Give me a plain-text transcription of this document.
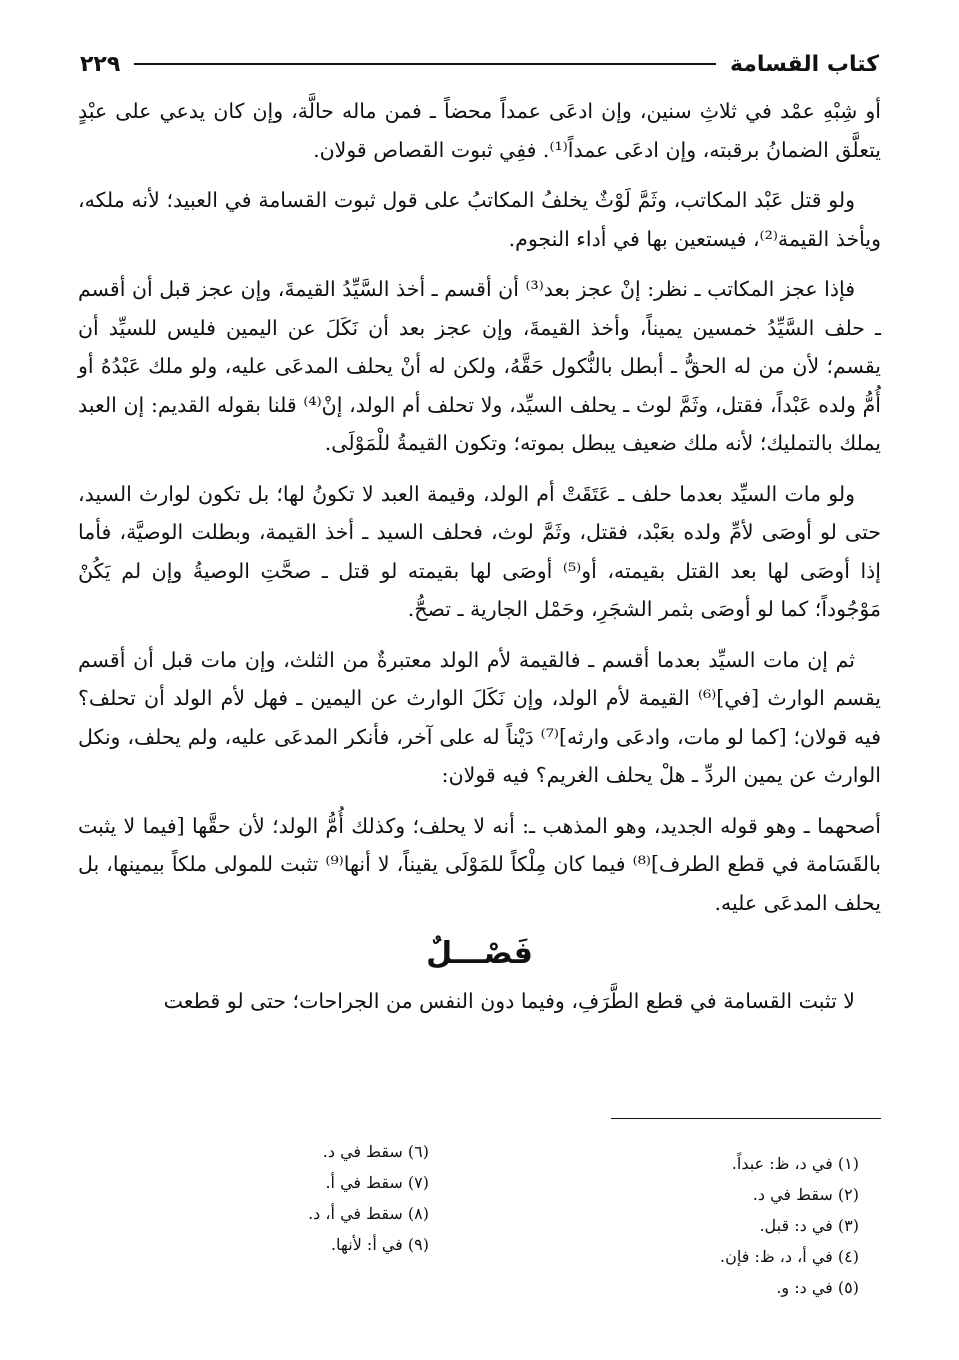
كتاب القسامة
٢٢٩

أو شِبْهِ عمْد في ثلاثِ سنين، وإن ادعَى عمداً محضاً ـ فمن ماله حالَّة، وإن كان يدعي على عبْدٍ يتعلَّق الضمانُ برقبته، وإن ادعَى عمداً⁽¹⁾. ففِي ثبوت القصاص قولان.

ولو قتل عَبْد المكاتب، وثَمَّ لَوْثٌ يخلفُ المكاتبُ على قول ثبوت القسامة في العبيد؛ لأنه ملكه، ويأخذ القيمة⁽²⁾، فيستعين بها في أداء النجوم.

فإذا عجز المكاتب ـ نظر: إنْ عجز بعد⁽³⁾ أن أقسم ـ أخذ السَّيِّدُ القيمةَ، وإن عجز قبل أن أقسم ـ حلف السَّيِّدُ خمسين يميناً، وأخذ القيمةَ، وإن عجز بعد أن نَكَلَ عن اليمين فليس للسيِّد أن يقسم؛ لأن من له الحقُّ ـ أبطل بالنُّكول حَقَّهُ، ولكن له أنْ يحلف المدعَى عليه، ولو ملك عَبْدُهُ أو أُمُّ ولده عَبْداً، فقتل، وثَمَّ لوث ـ يحلف السيِّد، ولا تحلف أم الولد، إنْ⁽⁴⁾ قلنا بقوله القديم: إن العبد يملك بالتمليك؛ لأنه ملك ضعيف يبطل بموته؛ وتكون القيمةُ للْمَوْلَى.

ولو مات السيِّد بعدما حلف ـ عَتَقَتْ أم الولد، وقيمة العبد لا تكونُ لها؛ بل تكون لوارث السيد، حتى لو أوصَى لأمِّ ولده بعَبْد، فقتل، وثَمَّ لوث، فحلف السيد ـ أخذ القيمة، وبطلت الوصيَّة، فأما إذا أوصَى لها بعد القتل بقيمته، أو⁽⁵⁾ أوصَى لها بقيمته لو قتل ـ صحَّتِ الوصيةُ وإن لم يَكُنْ مَوْجُوداً؛ كما لو أوصَى بثمر الشجَرِ، وحَمْل الجارية ـ تصحُّ.

ثم إن مات السيِّد بعدما أقسم ـ فالقيمة لأم الولد معتبرةٌ من الثلث، وإن مات قبل أن أقسم يقسم الوارث [في]⁽⁶⁾ القيمة لأم الولد، وإن نَكَلَ الوارث عن اليمين ـ فهل لأم الولد أن تحلف؟ فيه قولان؛ [كما لو مات، وادعَى وارثه]⁽⁷⁾ دَيْناً له على آخر، فأنكر المدعَى عليه، ولم يحلف، ونكل الوارث عن يمين الردِّ ـ هلْ يحلف الغريم؟ فيه قولان:

أصحهما ـ وهو قوله الجديد، وهو المذهب ـ: أنه لا يحلف؛ وكذلك أُمُّ الولد؛ لأن حقَّها [فيما لا يثبت بالقَسَامة في قطع الطرف]⁽⁸⁾ فيما كان مِلْكاً للمَوْلَى يقيناً، لا أنها⁽⁹⁾ تثبت للمولى ملكاً بيمينها، بل يحلف المدعَى عليه.

فَصْـــلٌ

لا تثبت القسامة في قطع الطَّرَفِ، وفيما دون النفس من الجراحات؛ حتى لو قطعت

(١) في د، ظ: عبداً.
(٢) سقط في د.
(٣) في د: قبل.
(٤) في أ، د، ظ: فإن.
(٥) في د: و.
(٦) سقط في د.
(٧) سقط في أ.
(٨) سقط في أ، د.
(٩) في أ: لأنها.
